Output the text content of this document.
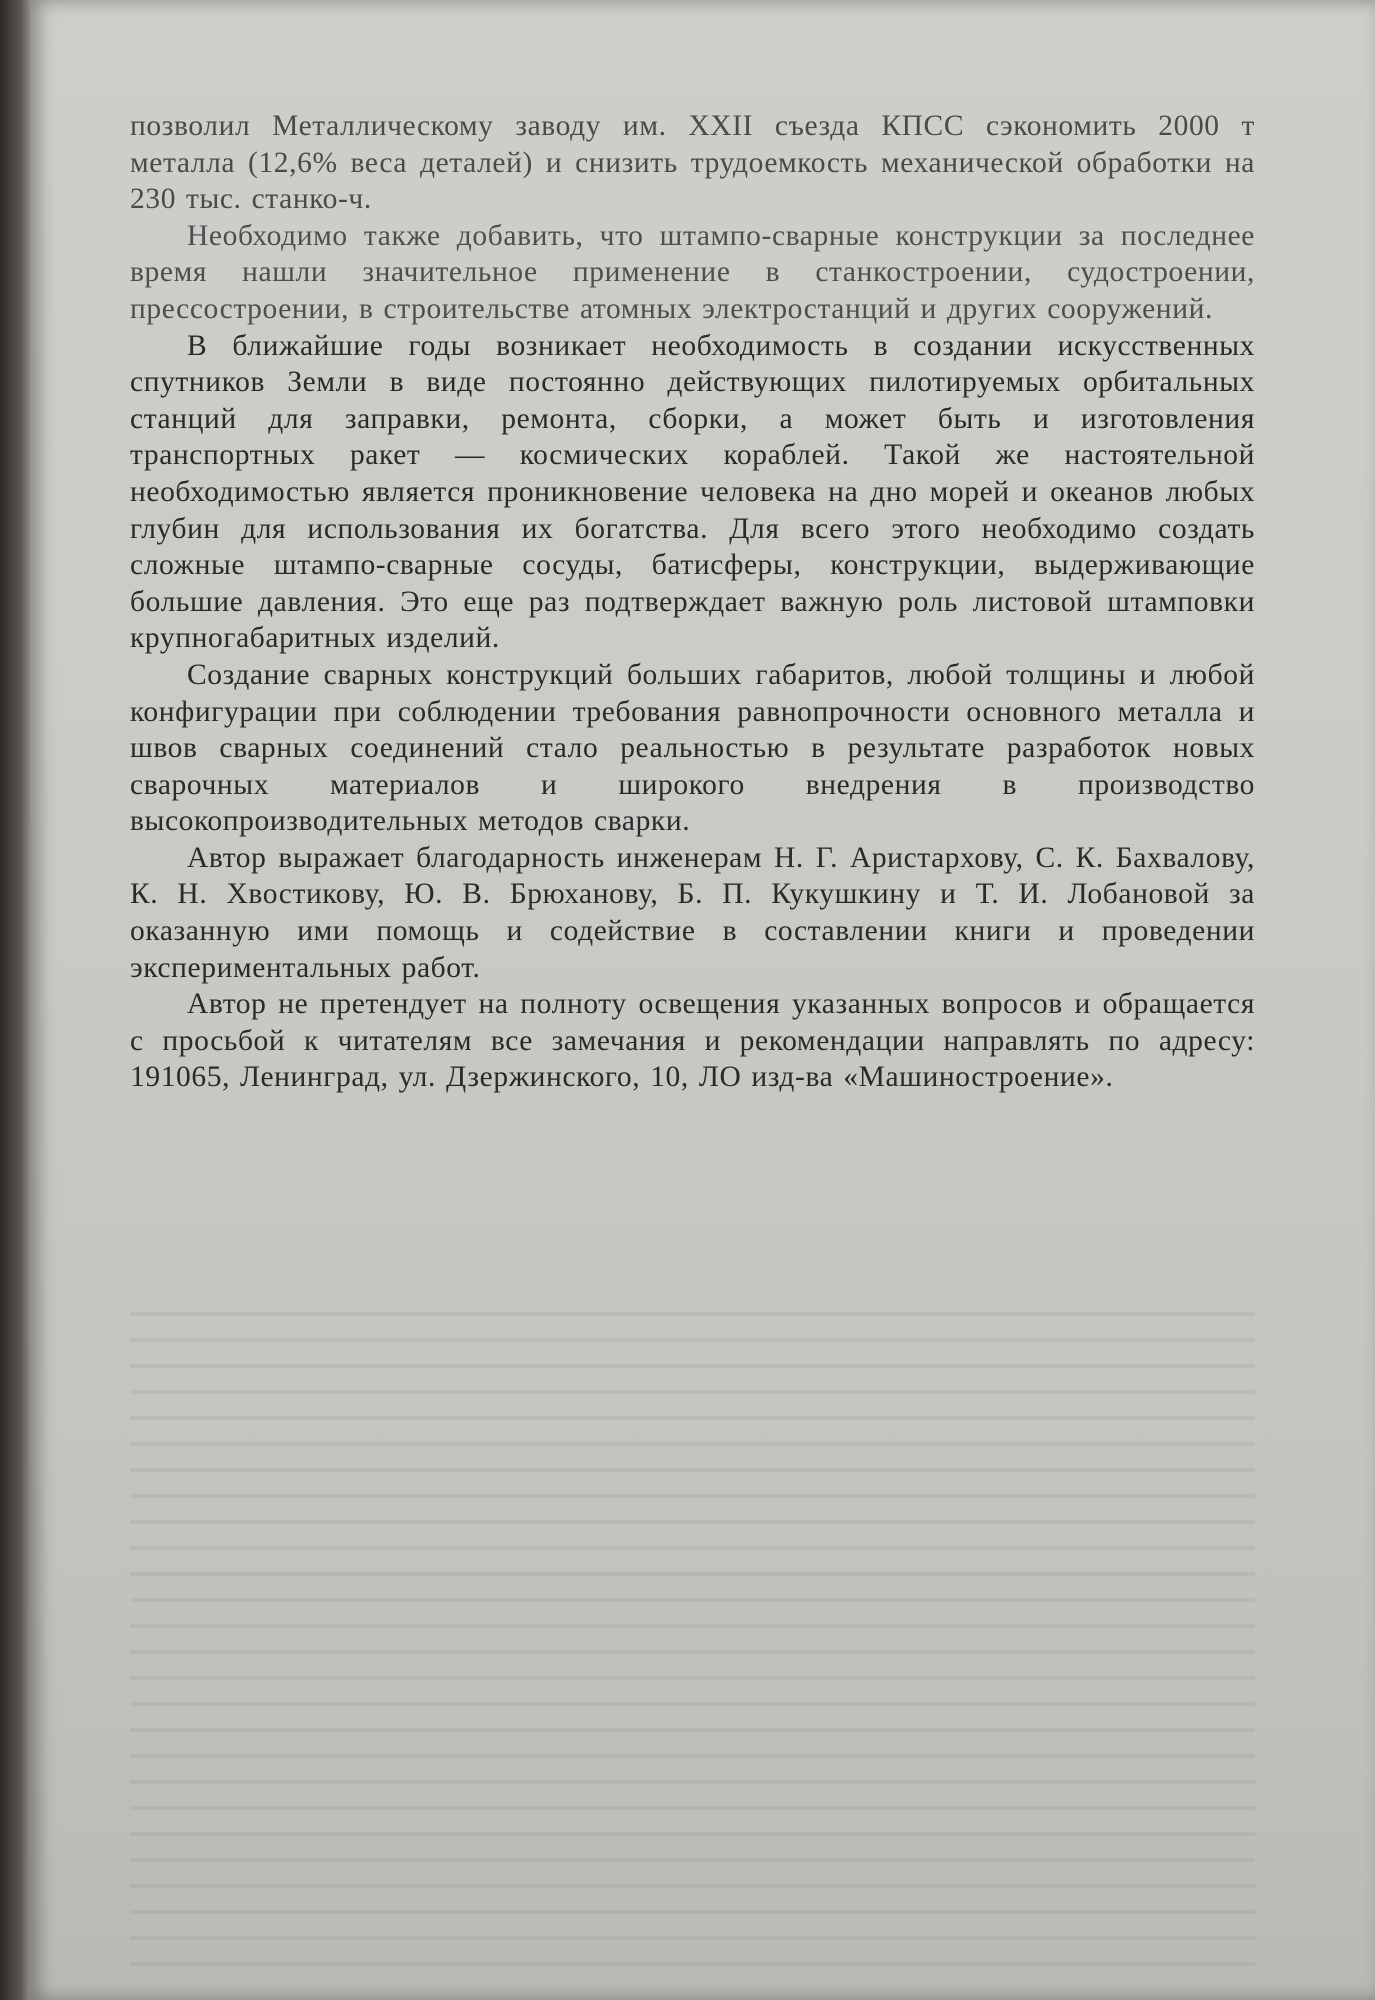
позволил Металлическому заводу им. XXII съезда КПСС сэкономить 2000 т металла (12,6% веса деталей) и снизить трудоемкость механической обработки на 230 тыс. станко-ч.

Необходимо также добавить, что штампо-сварные конструкции за последнее время нашли значительное применение в станкостроении, судостроении, прессостроении, в строительстве атомных электростанций и других сооружений.

В ближайшие годы возникает необходимость в создании искусственных спутников Земли в виде постоянно действующих пилотируемых орбитальных станций для заправки, ремонта, сборки, а может быть и изготовления транспортных ракет — космических кораблей. Такой же настоятельной необходимостью является проникновение человека на дно морей и океанов любых глубин для использования их богатства. Для всего этого необходимо создать сложные штампо-сварные сосуды, батисферы, конструкции, выдерживающие большие давления. Это еще раз подтверждает важную роль листовой штамповки крупногабаритных изделий.

Создание сварных конструкций больших габаритов, любой толщины и любой конфигурации при соблюдении требования равнопрочности основного металла и швов сварных соединений стало реальностью в результате разработок новых сварочных материалов и широкого внедрения в производство высокопроизводительных методов сварки.

Автор выражает благодарность инженерам Н. Г. Аристархову, С. К. Бахвалову, К. Н. Хвостикову, Ю. В. Брюханову, Б. П. Кукушкину и Т. И. Лобановой за оказанную ими помощь и содействие в составлении книги и проведении экспериментальных работ.

Автор не претендует на полноту освещения указанных вопросов и обращается с просьбой к читателям все замечания и рекомендации направлять по адресу: 191065, Ленинград, ул. Дзержинского, 10, ЛО изд-ва «Машиностроение».
